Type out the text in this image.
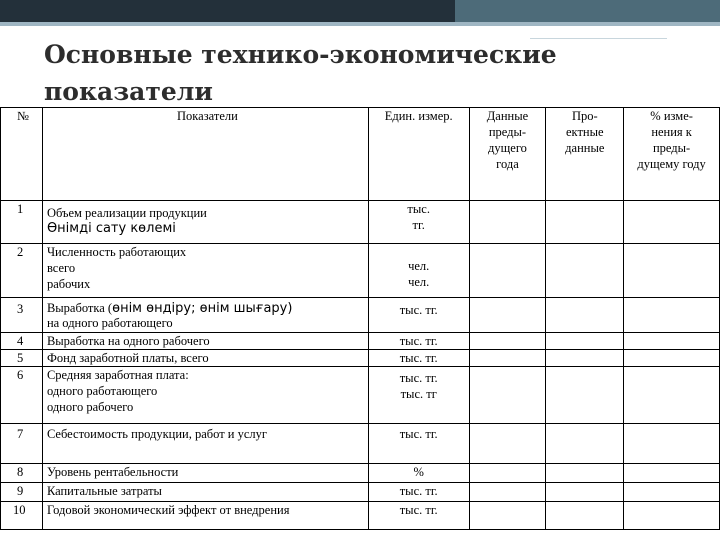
Основные технико-экономические показатели
№	Показатели	Един. измер.	Данные
преды-
дущего
года	Про-
ектные
данные	% изме-
нения к
преды-
дущему году

1	Объем реализации продукции
Өнімді сату көлемі	тыс.
тг.			

2	Численность работающих
всего
рабочих	чел.
чел.			

3	Выработка (өнім өндіру; өнім шығару)
на одного работающего	тыс. тг.			
4	Выработка на одного рабочего	тыс. тг.			
5	Фонд заработной платы, всего	тыс. тг.			
6	Средняя заработная плата:
одного работающего
одного рабочего	тыс. тг.
тыс. тг			

7	Себестоимость продукции, работ и услуг	тыс. тг.			

8	Уровень рентабельности	%			
9	Капитальные затраты	тыс. тг.			
10	Годовой экономический эффект от внедрения	тыс. тг.			
